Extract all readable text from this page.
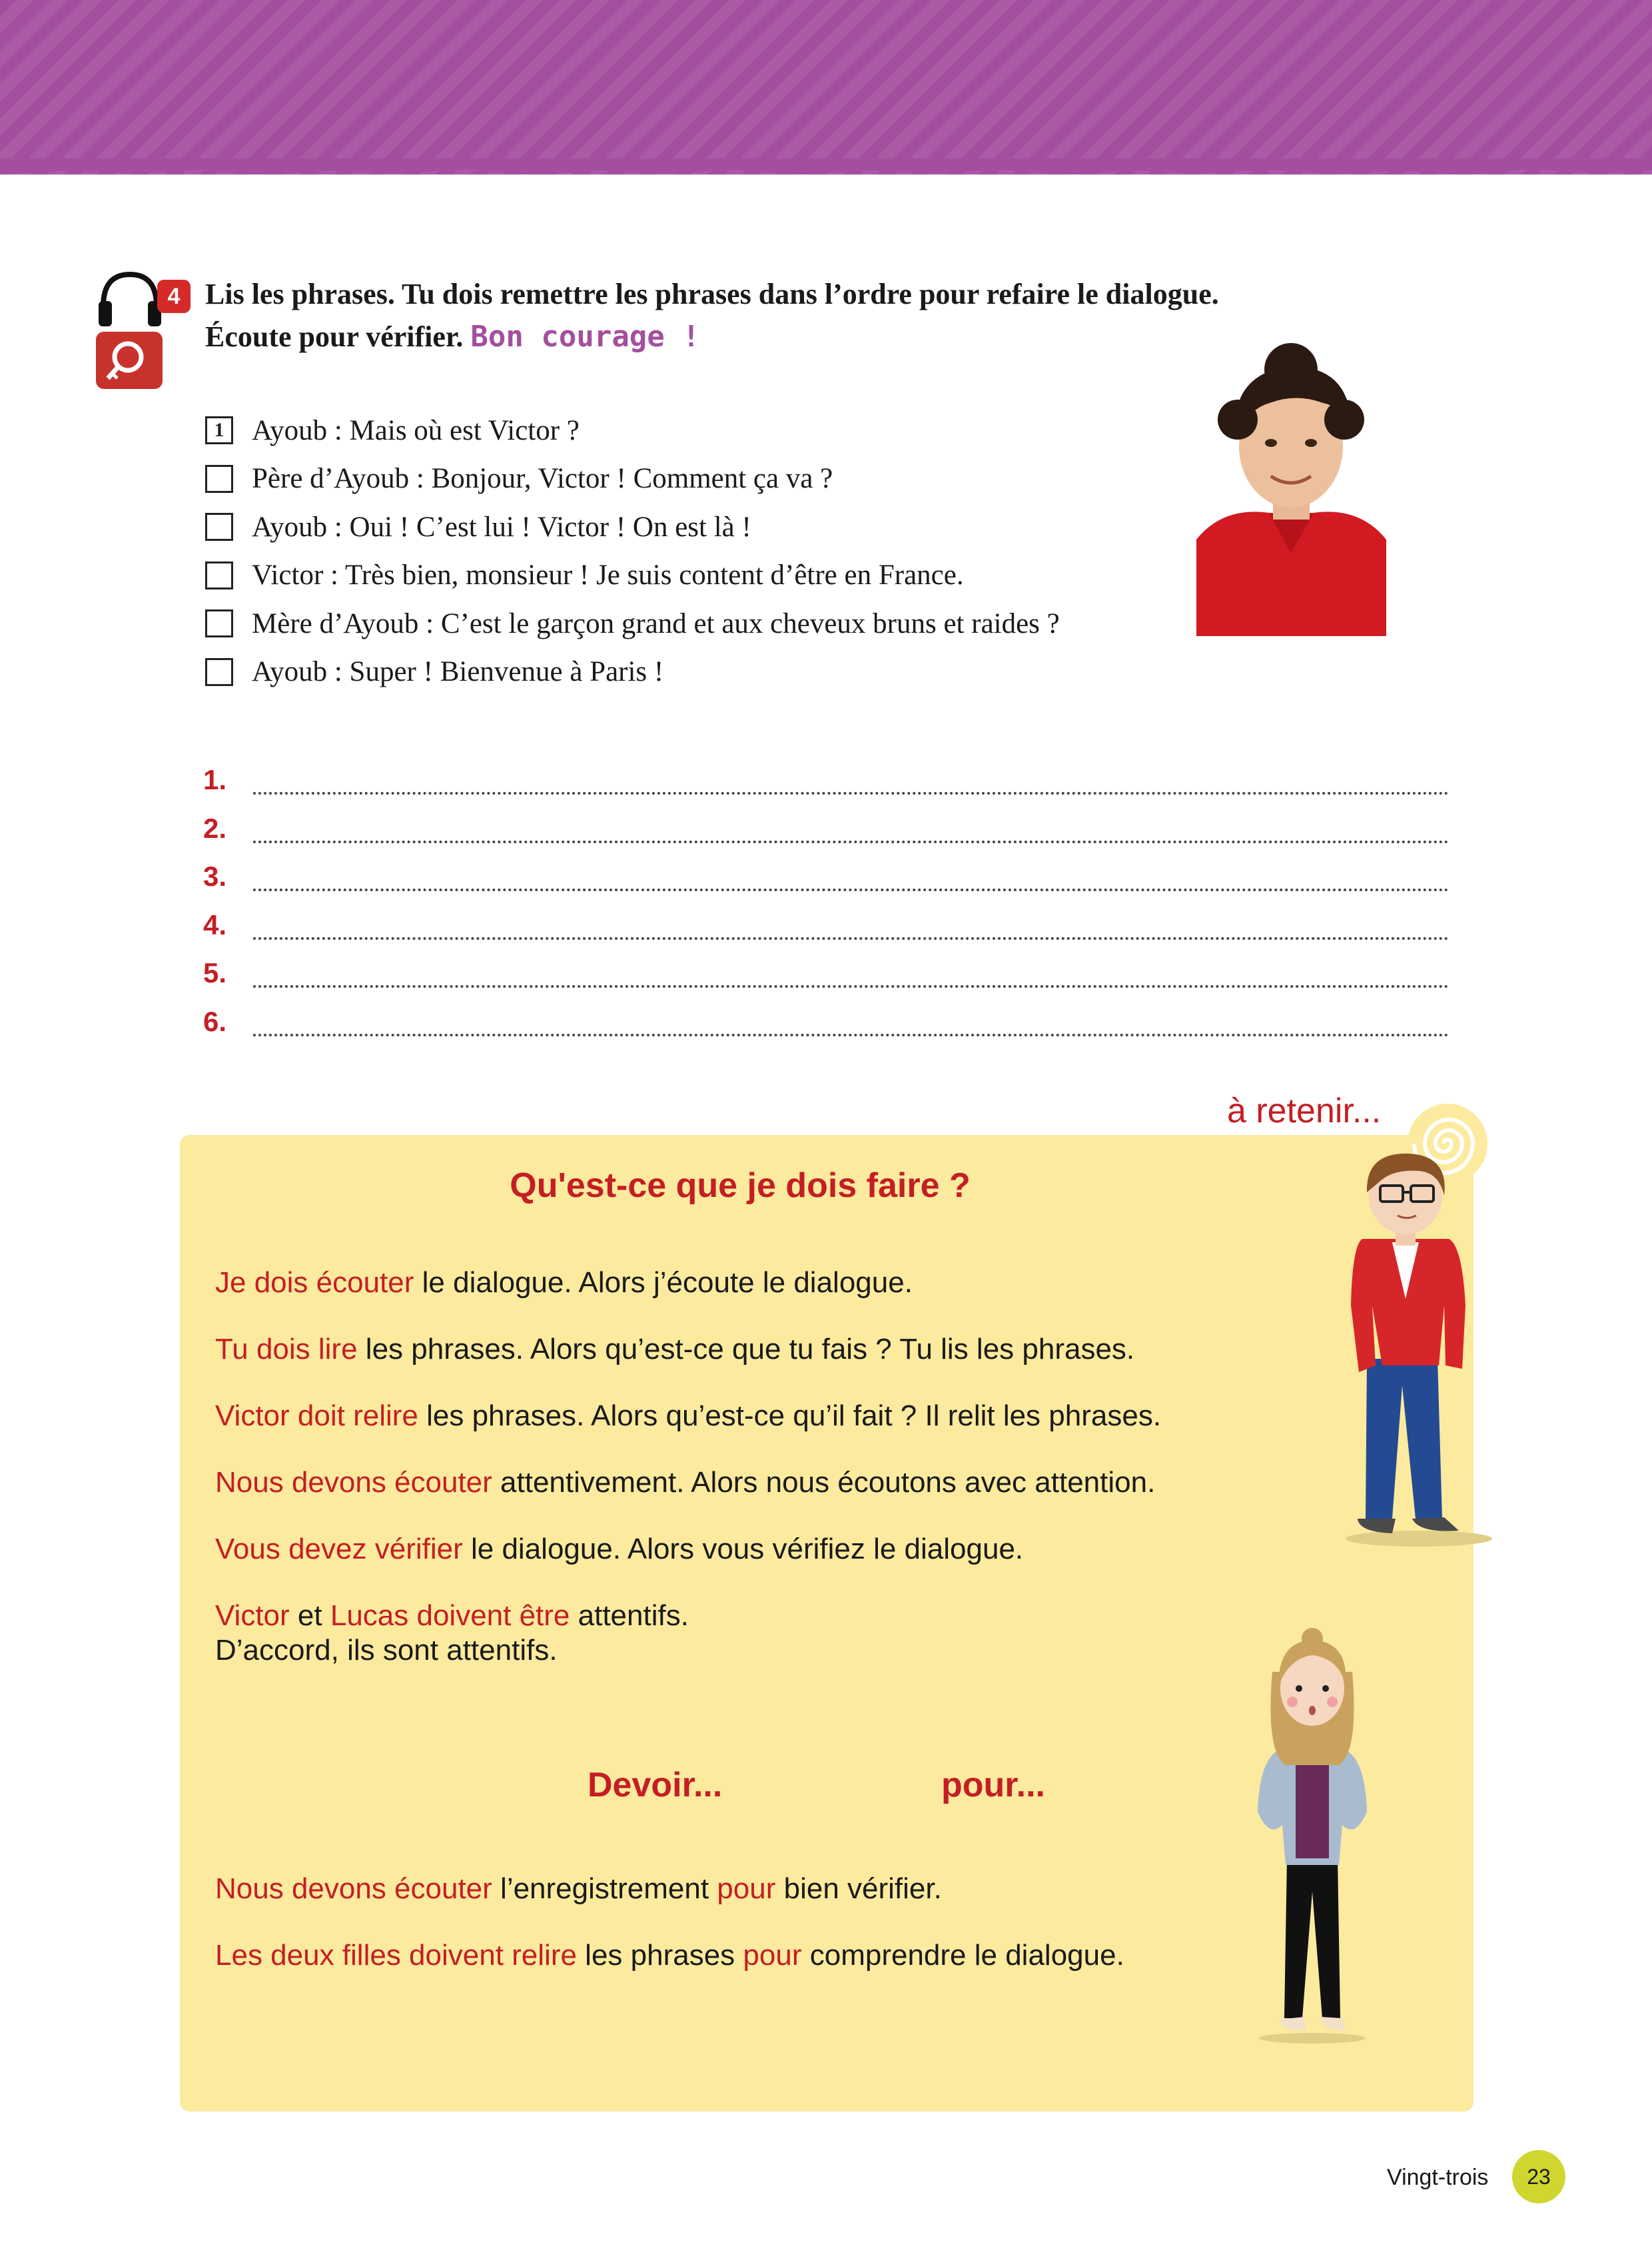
4 Lis les phrases. Tu dois remettre les phrases dans l’ordre pour refaire le dialogue.
Écoute pour vérifier. Bon courage !
1 Ayoub : Mais où est Victor ?
Père d’Ayoub : Bonjour, Victor ! Comment ça va ?
Ayoub : Oui ! C’est lui ! Victor ! On est là !
Victor : Très bien, monsieur ! Je suis content d’être en France.
Mère d’Ayoub : C’est le garçon grand et aux cheveux bruns et raides ?
Ayoub : Super ! Bienvenue à Paris !
1.
2.
3.
4.
5.
6.
à retenir...
Qu'est-ce que je dois faire ?
Je dois écouter le dialogue. Alors j’écoute le dialogue.
Tu dois lire les phrases. Alors qu’est-ce que tu fais ? Tu lis les phrases.
Victor doit relire les phrases. Alors qu’est-ce qu’il fait ? Il relit les phrases.
Nous devons écouter attentivement. Alors nous écoutons avec attention.
Vous devez vérifier le dialogue. Alors vous vérifiez le dialogue.
Victor et Lucas doivent être attentifs.
D’accord, ils sont attentifs.
Devoir...	pour...
Nous devons écouter l’enregistrement pour bien vérifier.
Les deux filles doivent relire les phrases pour comprendre le dialogue.
Vingt-trois	23
